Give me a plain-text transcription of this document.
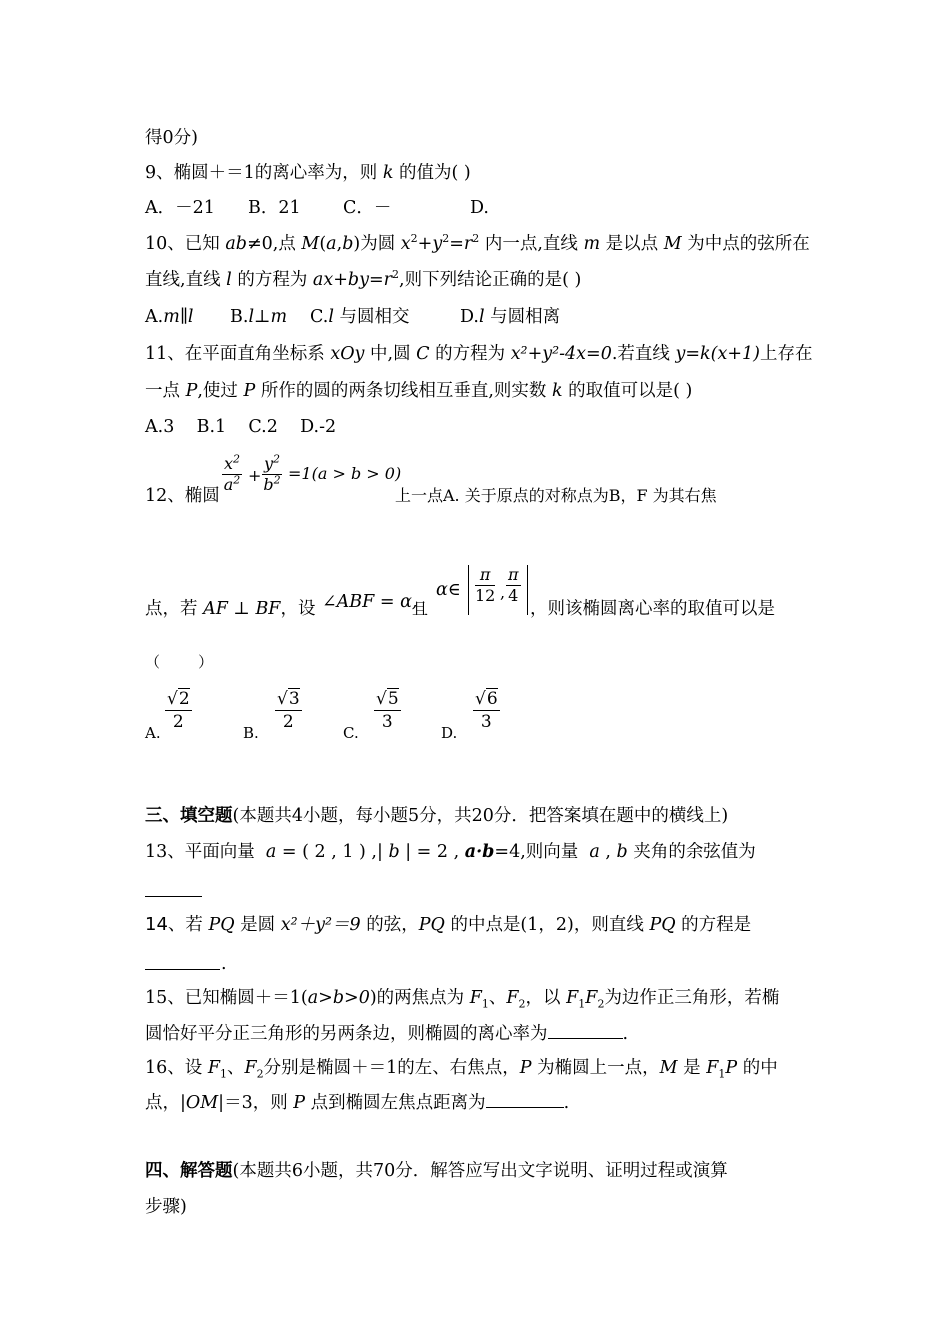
得0分)
9、椭圆＋＝1的离心率为，则 k 的值为( )
A．－21 B．21 C．－	D.
10、已知 ab≠0,点 M(a,b)为圆 $x^2+y^2=r^2$ 内一点,直线 m 是以点 M 为中点的弦所在
直线,直线 l 的方程为 $ax+by=r^2$,则下列结论正确的是( )
A.m∥l B.l⊥m C.l 与圆相交	D.l 与圆相离
11、在平面直角坐标系 xOy 中,圆 C 的方程为 x²+y²-4x=0.若直线 y=k(x+1)上存在
一点 P,使过 P 所作的圆的两条切线相互垂直,则实数 k 的取值可以是( )
A.3    B.1    C.2    D.-2
12、椭圆
$\frac{x^2}{a^2} + \frac{y^2}{b^2} =1(a > b > 0)$
上一点A. 关于原点的对称点为B，F 为其右焦
点，若 AF ⊥ BF，设 ∠ABF = α,
且
α∈ $\frac{\pi}{12}$ , $\frac{\pi}{4}$
，则该椭圆离心率的取值可以是
（        ）
A. $\frac{√2}{2}$	B. $\frac{√3}{2}$	C. $\frac{√5}{3}$	D. $\frac{√6}{3}$
三、填空题(本题共4小题，每小题5分，共20分．把答案填在题中的横线上)
13、平面向量  a = ( 2 , 1 ) ,| b | = 2 , a·b=4,则向量  a , b 夹角的余弦值为
14、若 PQ 是圆 x²＋y²＝9 的弦，PQ 的中点是(1，2)，则直线 PQ 的方程是
.
15、已知椭圆＋＝1(a>b>0)的两焦点为 $F_1$、$F_2$，以 $F_1F_2$为边作正三角形，若椭
圆恰好平分正三角形的另两条边，则椭圆的离心率为	.
16、设 $F_1$、$F_2$分别是椭圆＋＝1的左、右焦点，P 为椭圆上一点，M 是 $F_1P$ 的中
点，|OM|＝3，则 P 点到椭圆左焦点距离为	.
四、解答题(本题共6小题，共70分．解答应写出文字说明、证明过程或演算
步骤)
